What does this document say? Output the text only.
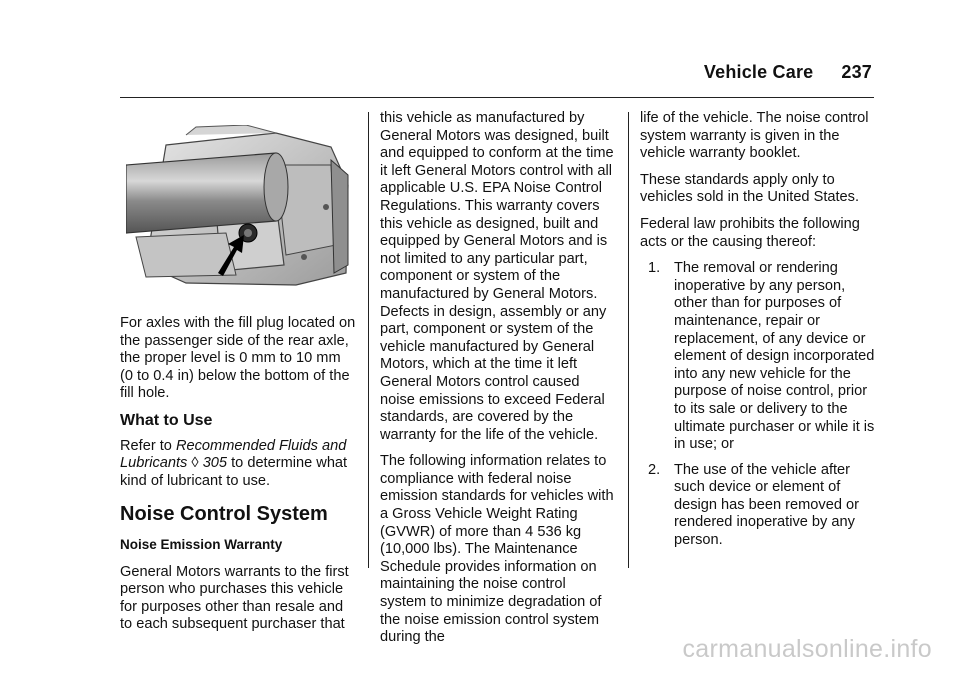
Vehicle Care 237

For axles with the fill plug located on the passenger side of the rear axle, the proper level is 0 mm to 10 mm (0 to 0.4 in) below the bottom of the fill hole.

What to Use

Refer to Recommended Fluids and Lubricants ◊ 305 to determine what kind of lubricant to use.

Noise Control System
Noise Emission Warranty

General Motors warrants to the first person who purchases this vehicle for purposes other than resale and to each subsequent purchaser that

this vehicle as manufactured by General Motors was designed, built and equipped to conform at the time it left General Motors control with all applicable U.S. EPA Noise Control Regulations. This warranty covers this vehicle as designed, built and equipped by General Motors and is not limited to any particular part, component or system of the manufactured by General Motors. Defects in design, assembly or any part, component or system of the vehicle manufactured by General Motors, which at the time it left General Motors control caused noise emissions to exceed Federal standards, are covered by the warranty for the life of the vehicle.

The following information relates to compliance with federal noise emission standards for vehicles with a Gross Vehicle Weight Rating (GVWR) of more than 4 536 kg (10,000 lbs). The Maintenance Schedule provides information on maintaining the noise control system to minimize degradation of the noise emission control system during the

life of the vehicle. The noise control system warranty is given in the vehicle warranty booklet.

These standards apply only to vehicles sold in the United States.

Federal law prohibits the following acts or the causing thereof:

1. The removal or rendering inoperative by any person, other than for purposes of maintenance, repair or replacement, of any device or element of design incorporated into any new vehicle for the purpose of noise control, prior to its sale or delivery to the ultimate purchaser or while it is in use; or
2. The use of the vehicle after such device or element of design has been removed or rendered inoperative by any person.
carmanualsonline.info
